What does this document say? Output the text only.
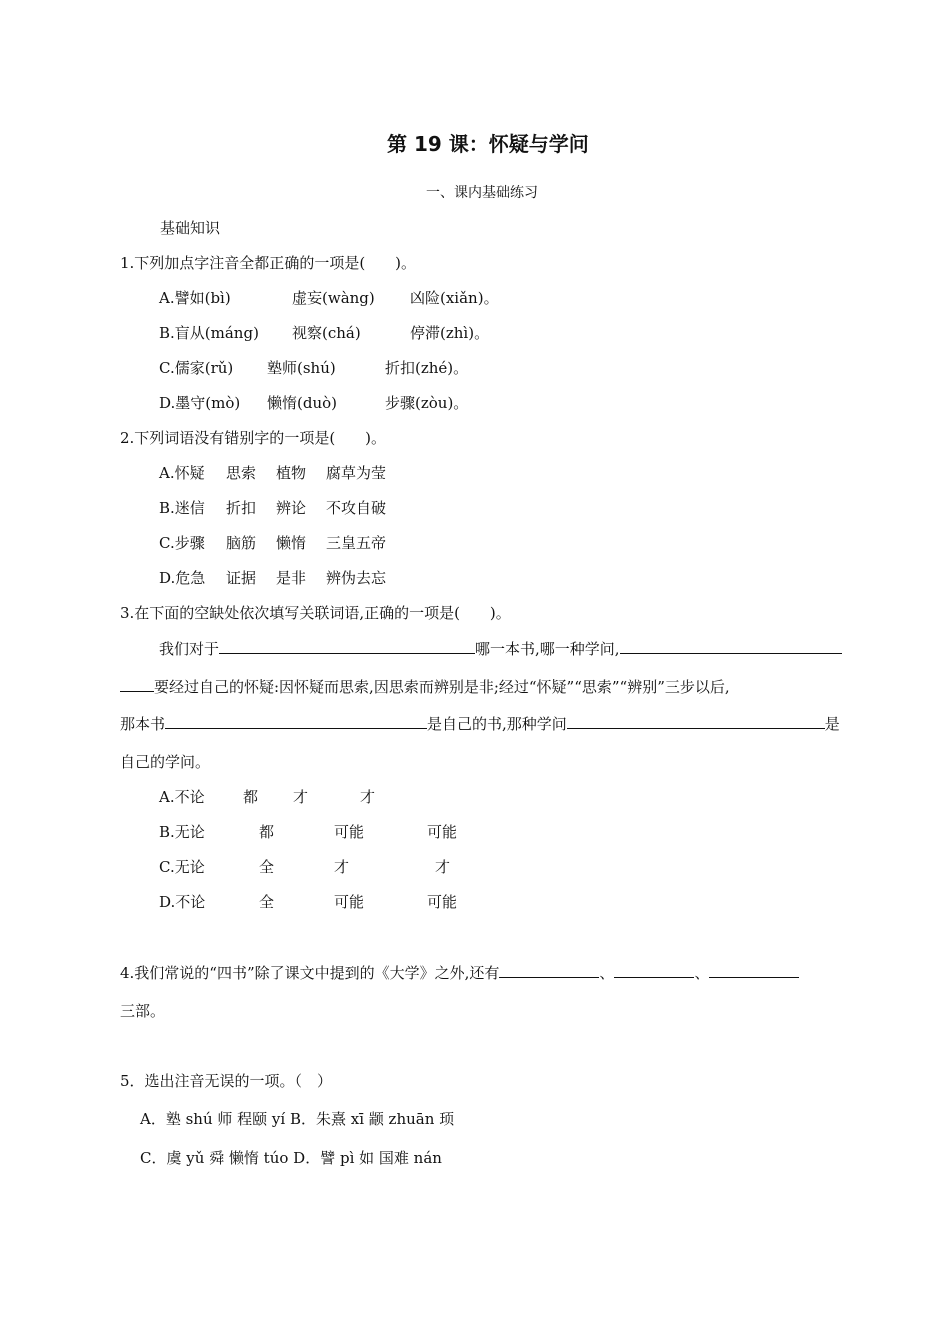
第 19 课：怀疑与学问
一、课内基础练习
基础知识
1.下列加点字注音全都正确的一项是(　　)。
A.譬如(bì)	虚妄(wàng) 凶险(xiǎn)。
B.盲从(máng) 视察(chá)	停滞(zhì)。
C.儒家(rǔ) 塾师(shú)	折扣(zhé)。
D.墨守(mò) 懒惰(duò)	步骤(zòu)。
2.下列词语没有错别字的一项是(　　)。
A.怀疑 思索 植物 腐草为莹
B.迷信 折扣 辨论 不攻自破
C.步骤 脑筋 懒惰 三皇五帝
D.危急 证据 是非 辨伪去忘
3.在下面的空缺处依次填写关联词语,正确的一项是(　　)。
我们对于	哪一本书,哪一种学问,
要经过自己的怀疑:因怀疑而思索,因思索而辨别是非;经过“怀疑”“思索”“辨别”三步以后,
那本书	是自己的书,那种学问	是
自己的学问。
A.不论	都 才	才
B.无论	都	可能	可能
C.无论	全	才	才
D.不论	全	可能	可能
4.我们常说的“四书”除了课文中提到的《大学》之外,还有	、	、
三部。
5．选出注音无误的一项。（　）
A．塾 shú 师 程颐 yí B．朱熹 xī 颛 zhuān 顼
C．虞 yǔ 舜 懒惰 túo D．譬 pì 如 国难 nán
